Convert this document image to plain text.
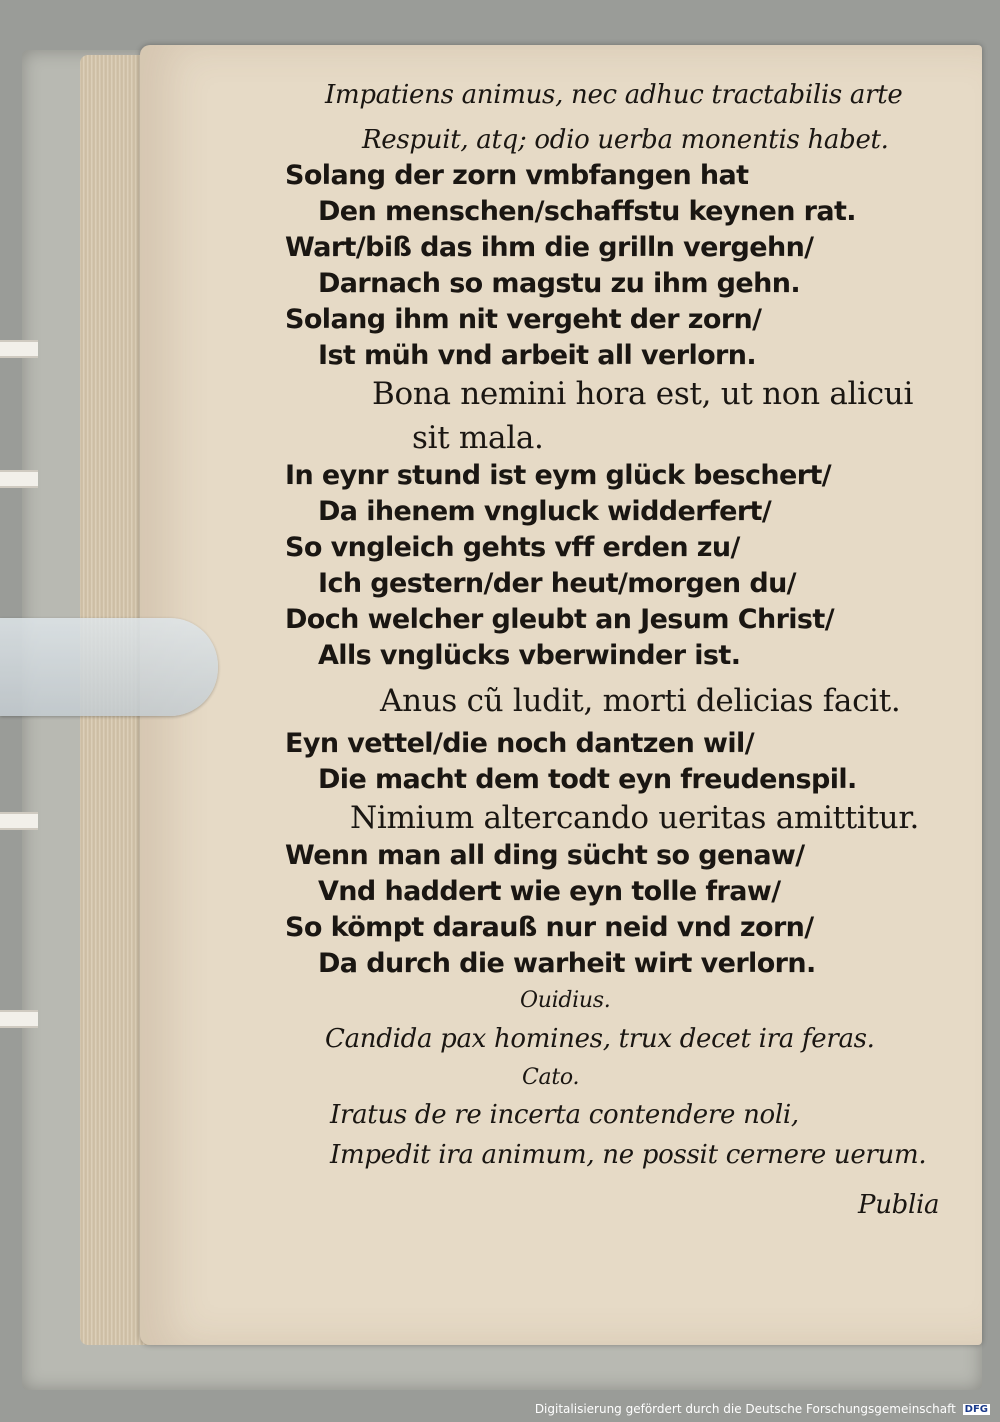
Impatiens animus, nec adhuc tractabilis arte
Respuit, atq; odio uerba monentis habet.
Solang der zorn vmbfangen hat
Den menschen/schaffstu keynen rat.
Wart/biß das ihm die grilln vergehn/
Darnach so magstu zu ihm gehn.
Solang ihm nit vergeht der zorn/
Ist müh vnd arbeit all verlorn.
Bona nemini hora est, ut non alicui
sit mala.
In eynr stund ist eym glück beschert/
Da ihenem vngluck widderfert/
So vngleich gehts vff erden zu/
Ich gestern/der heut/morgen du/
Doch welcher gleubt an Jesum Christ/
Alls vnglücks vberwinder ist.
Anus cũ ludit, morti delicias facit.
Eyn vettel/die noch dantzen wil/
Die macht dem todt eyn freudenspil.
Nimium altercando ueritas amittitur.
Wenn man all ding sücht so genaw/
Vnd haddert wie eyn tolle fraw/
So kömpt darauß nur neid vnd zorn/
Da durch die warheit wirt verlorn.
Ouidius.
Candida pax homines, trux decet ira feras.
Cato.
Iratus de re incerta contendere noli,
Impedit ira animum, ne possit cernere uerum.
Publia
Digitalisierung gefördert durch die Deutsche Forschungsgemeinschaft DFG
